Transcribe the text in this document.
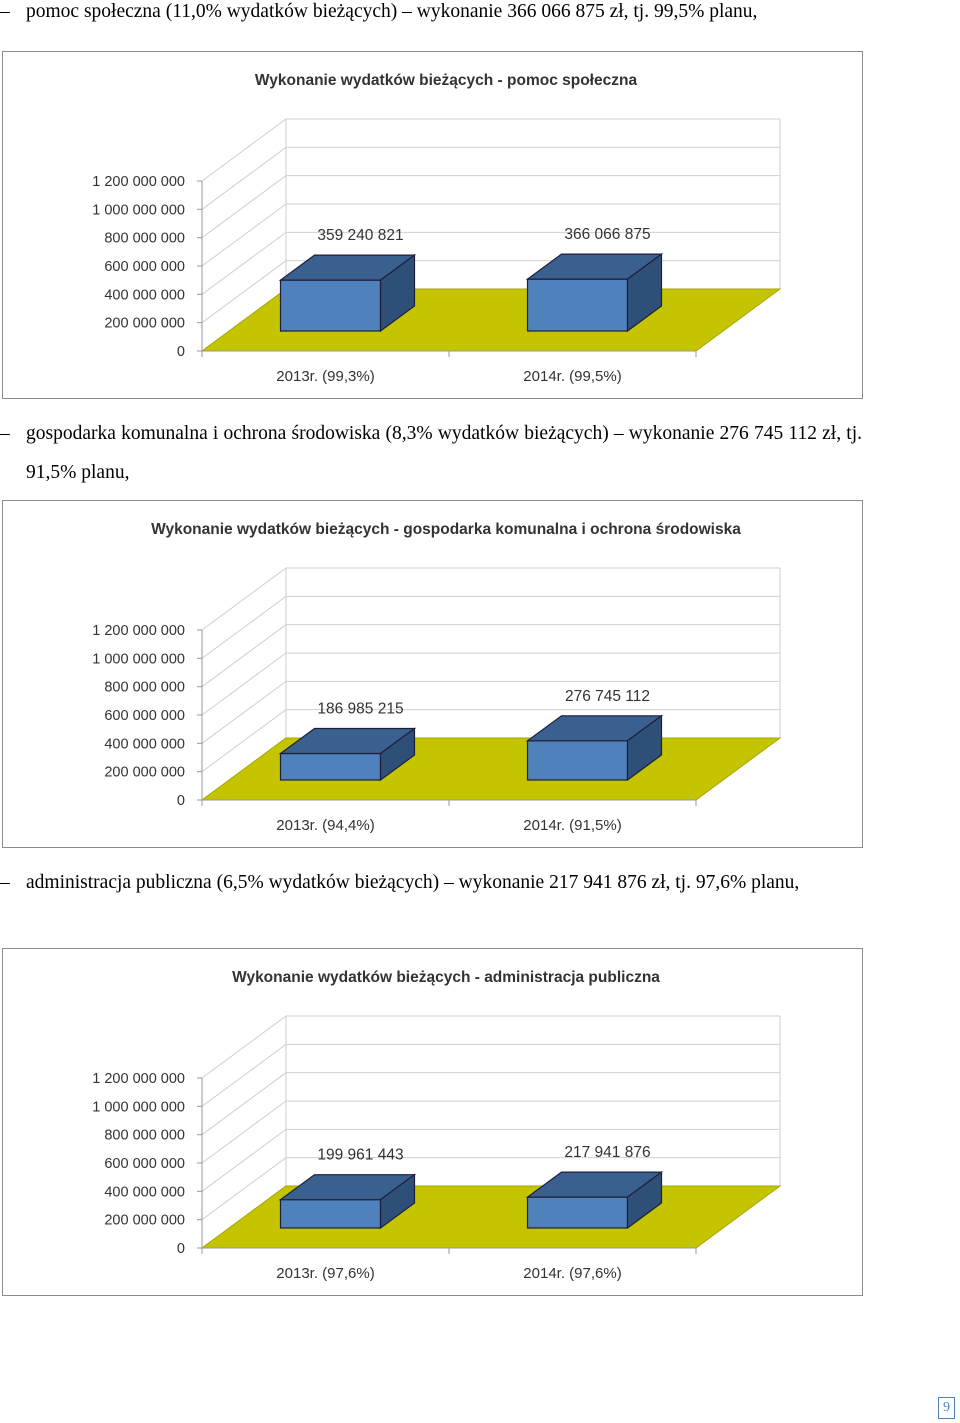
– pomoc społeczna (11,0% wydatków bieżących) – wykonanie 366 066 875 zł, tj. 99,5% planu,
Wykonanie wydatków bieżących - pomoc społeczna
0
200 000 000
400 000 000
600 000 000
800 000 000
1 000 000 000
1 200 000 000
359 240 821
2013r. (99,3%)
366 066 875
2014r. (99,5%)
– gospodarka komunalna i ochrona środowiska (8,3% wydatków bieżących) – wykonanie 276 745 112 zł, tj. 91,5% planu,
Wykonanie wydatków bieżących - gospodarka komunalna i ochrona środowiska
0
200 000 000
400 000 000
600 000 000
800 000 000
1 000 000 000
1 200 000 000
186 985 215
2013r. (94,4%)
276 745 112
2014r. (91,5%)
– administracja publiczna (6,5% wydatków bieżących) – wykonanie 217 941 876 zł, tj. 97,6% planu,
Wykonanie wydatków bieżących - administracja publiczna
0
200 000 000
400 000 000
600 000 000
800 000 000
1 000 000 000
1 200 000 000
199 961 443
2013r. (97,6%)
217 941 876
2014r. (97,6%)
9
